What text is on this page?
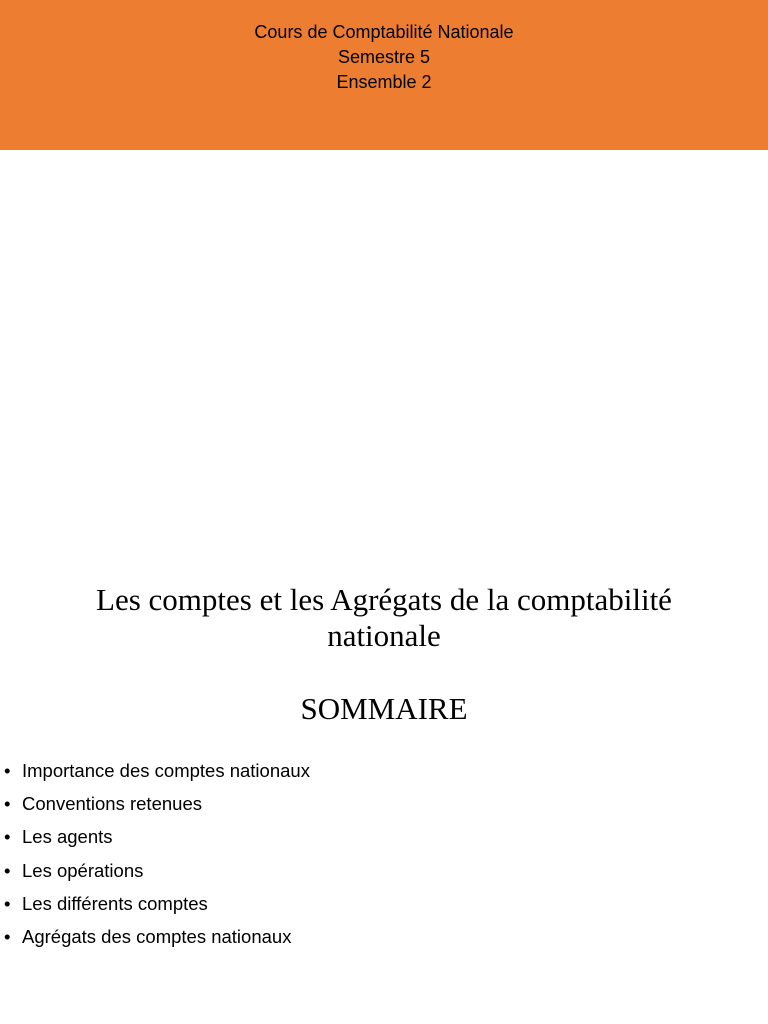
Cours de Comptabilité Nationale
Semestre 5
Ensemble 2
Les comptes et les Agrégats de la comptabilité nationale
SOMMAIRE
• Importance des comptes nationaux
• Conventions retenues
• Les agents
• Les opérations
• Les différents comptes
• Agrégats des comptes nationaux
